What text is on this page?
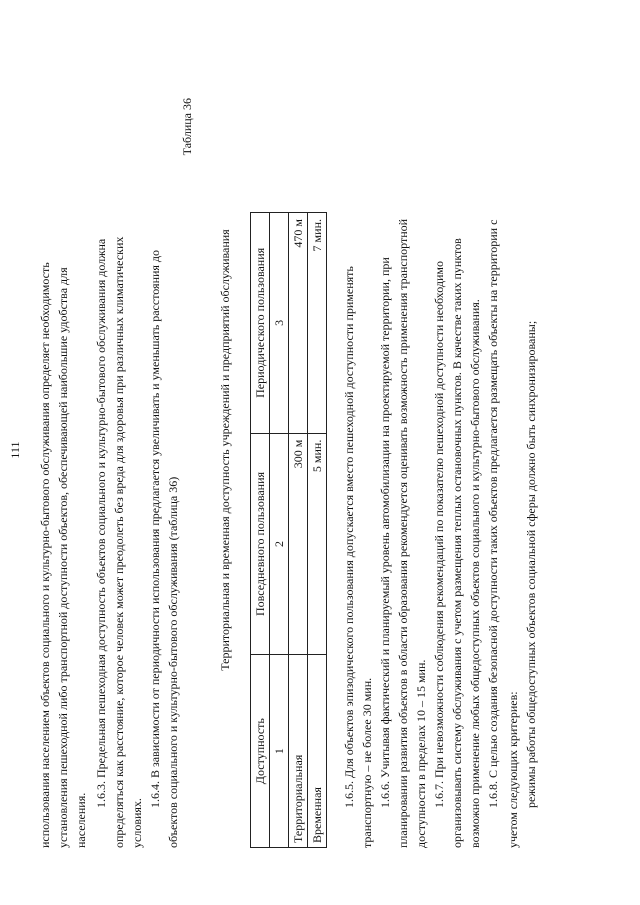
111 использования населением объектов социального и культурно-бытового обслуживания определяет необходимость установления пешеходной либо транспортной доступности объектов, обеспечивающей наибольшие удобства для населения.
1.6.3. Предельная пешеходная доступность объектов социального и культурно-бытового обслуживания должна определяться как расстояние, которое человек может преодолеть без вреда для здоровья при различных климатических условиях.
1.6.4. В зависимости от периодичности использования предлагается увеличивать и уменьшать расстояния до объектов социального и культурно-бытового обслуживания (таблица 36)
Таблица 36
Территориальная и временная доступность учреждений и предприятий обслуживания
Доступность	Повседневного пользования	Периодического пользования
1	2	3
Территориальная	300 м	470 м
Временная	5 мин.	7 мин.
1.6.5. Для объектов эпизодического пользования допускается вместо пешеходной доступности применять транспортную – не более 30 мин. 1.6.6. Учитывая фактический и планируемый уровень автомобилизации на проектируемой территории, при планировании развития объектов в области образования рекомендуется оценивать возможность применения транспортной доступности в пределах 10 – 15 мин. 1.6.7. При невозможности соблюдения рекомендаций по показателю пешеходной доступности необходимо организовывать систему обслуживания с учетом размещения теплых остановочных пунктов. В качестве таких пунктов возможно применение любых общедоступных объектов социального и культурно-бытового обслуживания. 1.6.8. С целью создания безопасной доступности таких объектов предлагается размещать объекты на территории с учетом следующих критериев: режимы работы общедоступных объектов социальной сферы должно быть синхронизированы;
